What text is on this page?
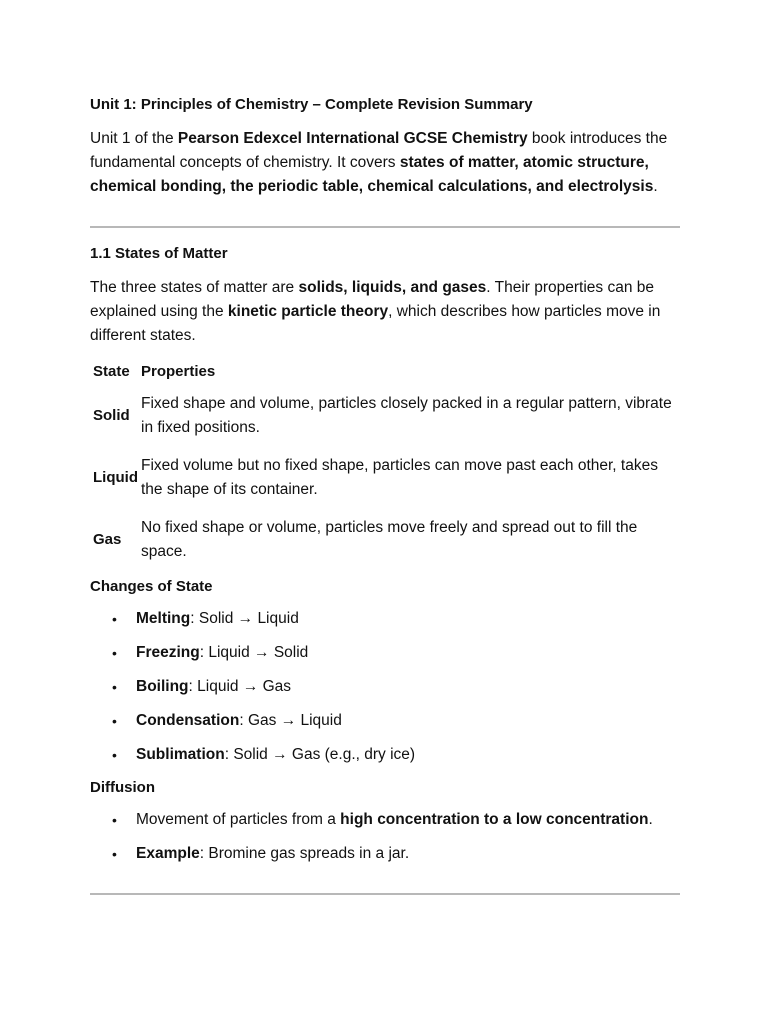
Unit 1: Principles of Chemistry – Complete Revision Summary

Unit 1 of the Pearson Edexcel International GCSE Chemistry book introduces the fundamental concepts of chemistry. It covers states of matter, atomic structure, chemical bonding, the periodic table, chemical calculations, and electrolysis.

1.1 States of Matter

The three states of matter are solids, liquids, and gases. Their properties can be explained using the kinetic particle theory, which describes how particles move in different states.

State Properties
Solid
Fixed shape and volume, particles closely packed in a regular pattern, vibrate in fixed positions.
Liquid
Fixed volume but no fixed shape, particles can move past each other, takes the shape of its container.
Gas
No fixed shape or volume, particles move freely and spread out to fill the space.

Changes of State

• Melting: Solid → Liquid
• Freezing: Liquid → Solid
• Boiling: Liquid → Gas
• Condensation: Gas → Liquid
• Sublimation: Solid → Gas (e.g., dry ice)

Diffusion

• Movement of particles from a high concentration to a low concentration.
• Example: Bromine gas spreads in a jar.
